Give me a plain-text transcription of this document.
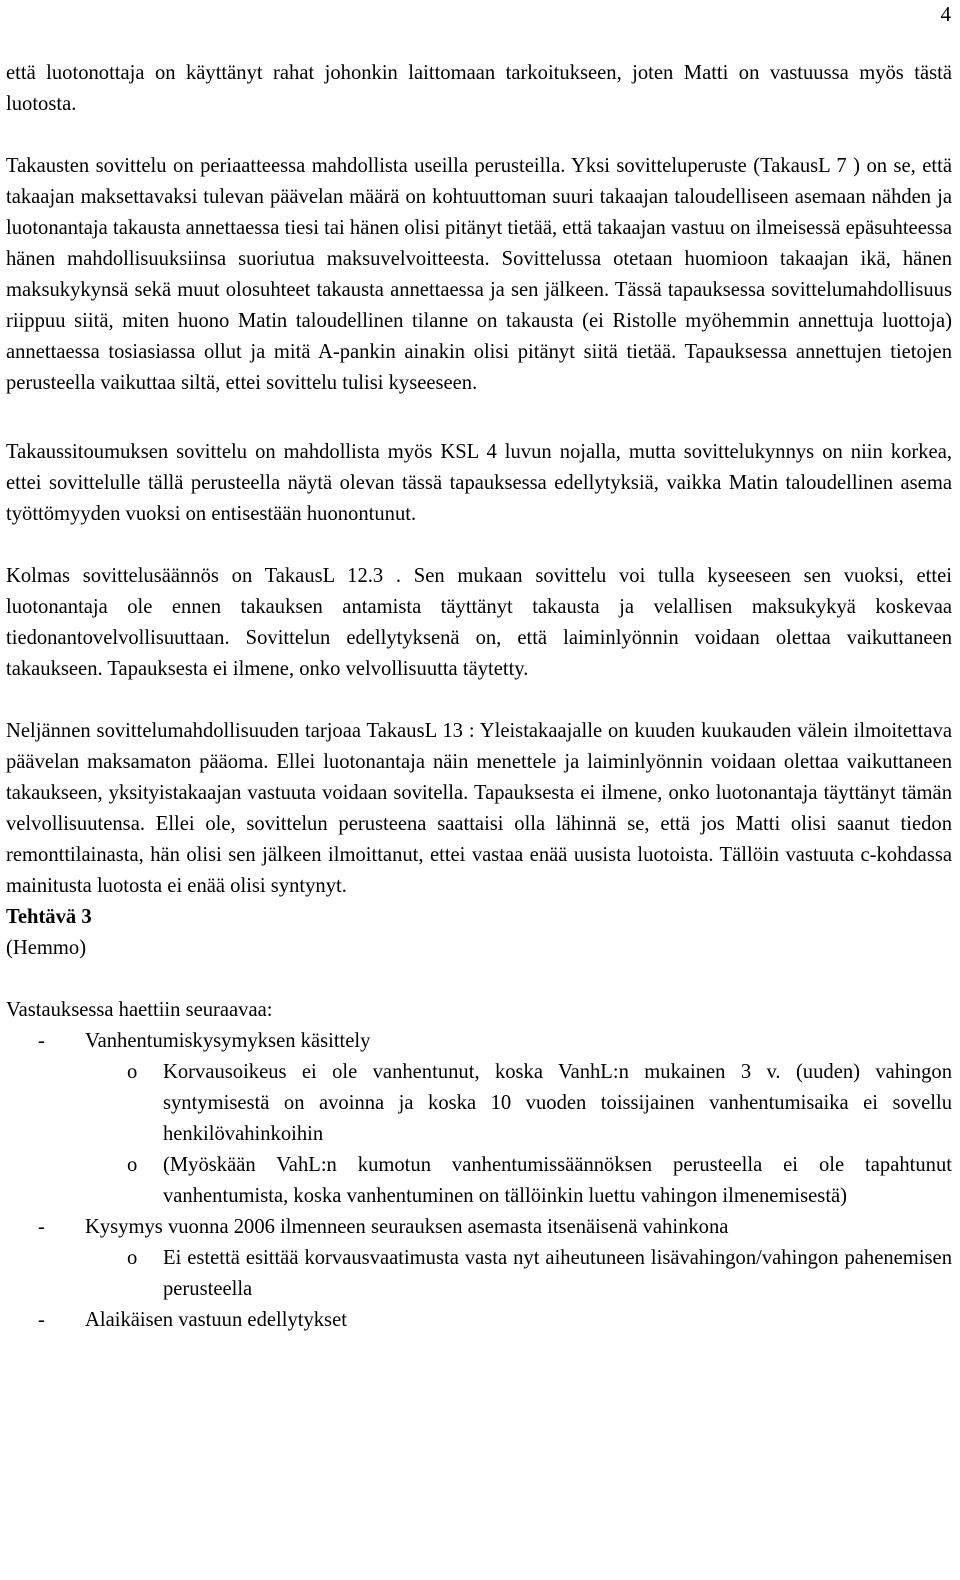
4

että luotonottaja on käyttänyt rahat johonkin laittomaan tarkoitukseen, joten Matti on vastuussa myös tästä luotosta.

Takausten sovittelu on periaatteessa mahdollista useilla perusteilla. Yksi sovitteluperuste (TakausL 7 ) on se, että takaajan maksettavaksi tulevan päävelan määrä on kohtuuttoman suuri takaajan taloudelliseen asemaan nähden ja luotonantaja takausta annettaessa tiesi tai hänen olisi pitänyt tietää, että takaajan vastuu on ilmeisessä epäsuhteessa hänen mahdollisuuksiinsa suoriutua maksuvelvoitteesta. Sovittelussa otetaan huomioon takaajan ikä, hänen maksukykynsä sekä muut olosuhteet takausta annettaessa ja sen jälkeen. Tässä tapauksessa sovittelumahdollisuus riippuu siitä, miten huono Matin taloudellinen tilanne on takausta (ei Ristolle myöhemmin annettuja luottoja) annettaessa tosiasiassa ollut ja mitä A-pankin ainakin olisi pitänyt siitä tietää. Tapauksessa annettujen tietojen perusteella vaikuttaa siltä, ettei sovittelu tulisi kyseeseen.

Takaussitoumuksen sovittelu on mahdollista myös KSL 4 luvun nojalla, mutta sovittelukynnys on niin korkea, ettei sovittelulle tällä perusteella näytä olevan tässä tapauksessa edellytyksiä, vaikka Matin taloudellinen asema työttömyyden vuoksi on entisestään huonontunut.

Kolmas sovittelusäännös on TakausL 12.3 . Sen mukaan sovittelu voi tulla kyseeseen sen vuoksi, ettei luotonantaja ole ennen takauksen antamista täyttänyt takausta ja velallisen maksukykyä koskevaa tiedonantovelvollisuuttaan. Sovittelun edellytyksenä on, että laiminlyönnin voidaan olettaa vaikuttaneen takaukseen. Tapauksesta ei ilmene, onko velvollisuutta täytetty.

Neljännen sovittelumahdollisuuden tarjoaa TakausL 13 : Yleistakaajalle on kuuden kuukauden välein ilmoitettava päävelan maksamaton pääoma. Ellei luotonantaja näin menettele ja laiminlyönnin voidaan olettaa vaikuttaneen takaukseen, yksityistakaajan vastuuta voidaan sovitella. Tapauksesta ei ilmene, onko luotonantaja täyttänyt tämän velvollisuutensa. Ellei ole, sovittelun perusteena saattaisi olla lähinnä se, että jos Matti olisi saanut tiedon remonttilainasta, hän olisi sen jälkeen ilmoittanut, ettei vastaa enää uusista luotoista. Tällöin vastuuta c-kohdassa mainitusta luotosta ei enää olisi syntynyt.

Tehtävä 3

(Hemmo)

Vastauksessa haettiin seuraavaa:

- Vanhentumiskysymyksen käsittely
o Korvausoikeus ei ole vanhentunut, koska VanhL:n mukainen 3 v. (uuden) vahingon syntymisestä on avoinna ja koska 10 vuoden toissijainen vanhentumisaika ei sovellu henkilövahinkoihin
o (Myöskään VahL:n kumotun vanhentumissäännöksen perusteella ei ole tapahtunut vanhentumista, koska vanhentuminen on tällöinkin luettu vahingon ilmenemisestä)
- Kysymys vuonna 2006 ilmenneen seurauksen asemasta itsenäisenä vahinkona
o Ei estettä esittää korvausvaatimusta vasta nyt aiheutuneen lisävahingon/vahingon pahenemisen perusteella
- Alaikäisen vastuun edellytykset
